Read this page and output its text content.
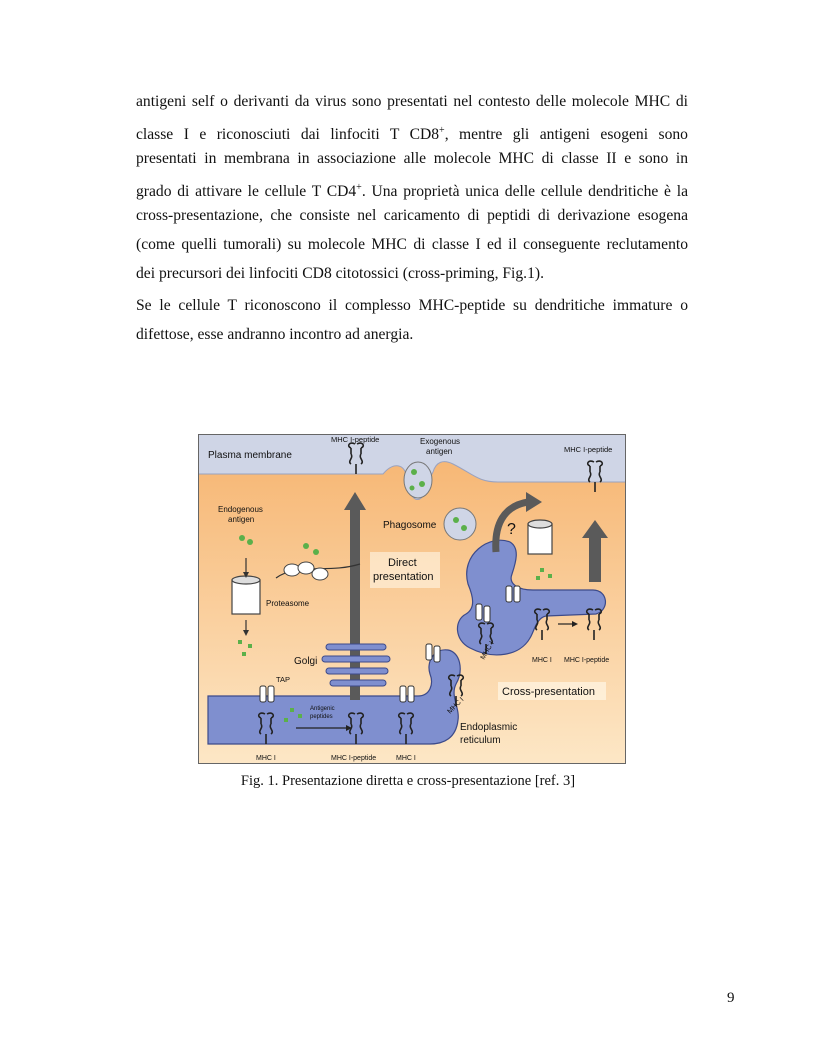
antigeni self o derivanti da virus sono presentati nel contesto delle molecole MHC di
classe I e riconosciuti dai linfociti T CD8+, mentre gli antigeni esogeni sono
presentati in membrana in associazione alle molecole MHC di classe II e sono in
grado di attivare le cellule T CD4+. Una proprietà unica delle cellule dendritiche è la
cross-presentazione, che consiste nel caricamento di peptidi di derivazione esogena
(come quelli tumorali) su molecole MHC di classe I ed il conseguente reclutamento
dei precursori dei linfociti CD8 citotossici (cross-priming, Fig.1).
Se le cellule T riconoscono il complesso MHC-peptide su dendritiche immature o
difettose, esse andranno incontro ad anergia.
Plasma membrane
MHC I-peptide	Exogenous
antigen	MHC I-peptide
Endogenous
antigen
Phagosome	?
Direct
presentation
Proteasome
Golgi
TAP
Antigenic
peptides
MHC I	MHC I-peptide	MHC I
MHC I
MHC I	MHC I MHC I-peptide
Cross-presentation
Endoplasmic
reticulum
Fig. 1. Presentazione diretta e cross-presentazione [ref. 3]
9
